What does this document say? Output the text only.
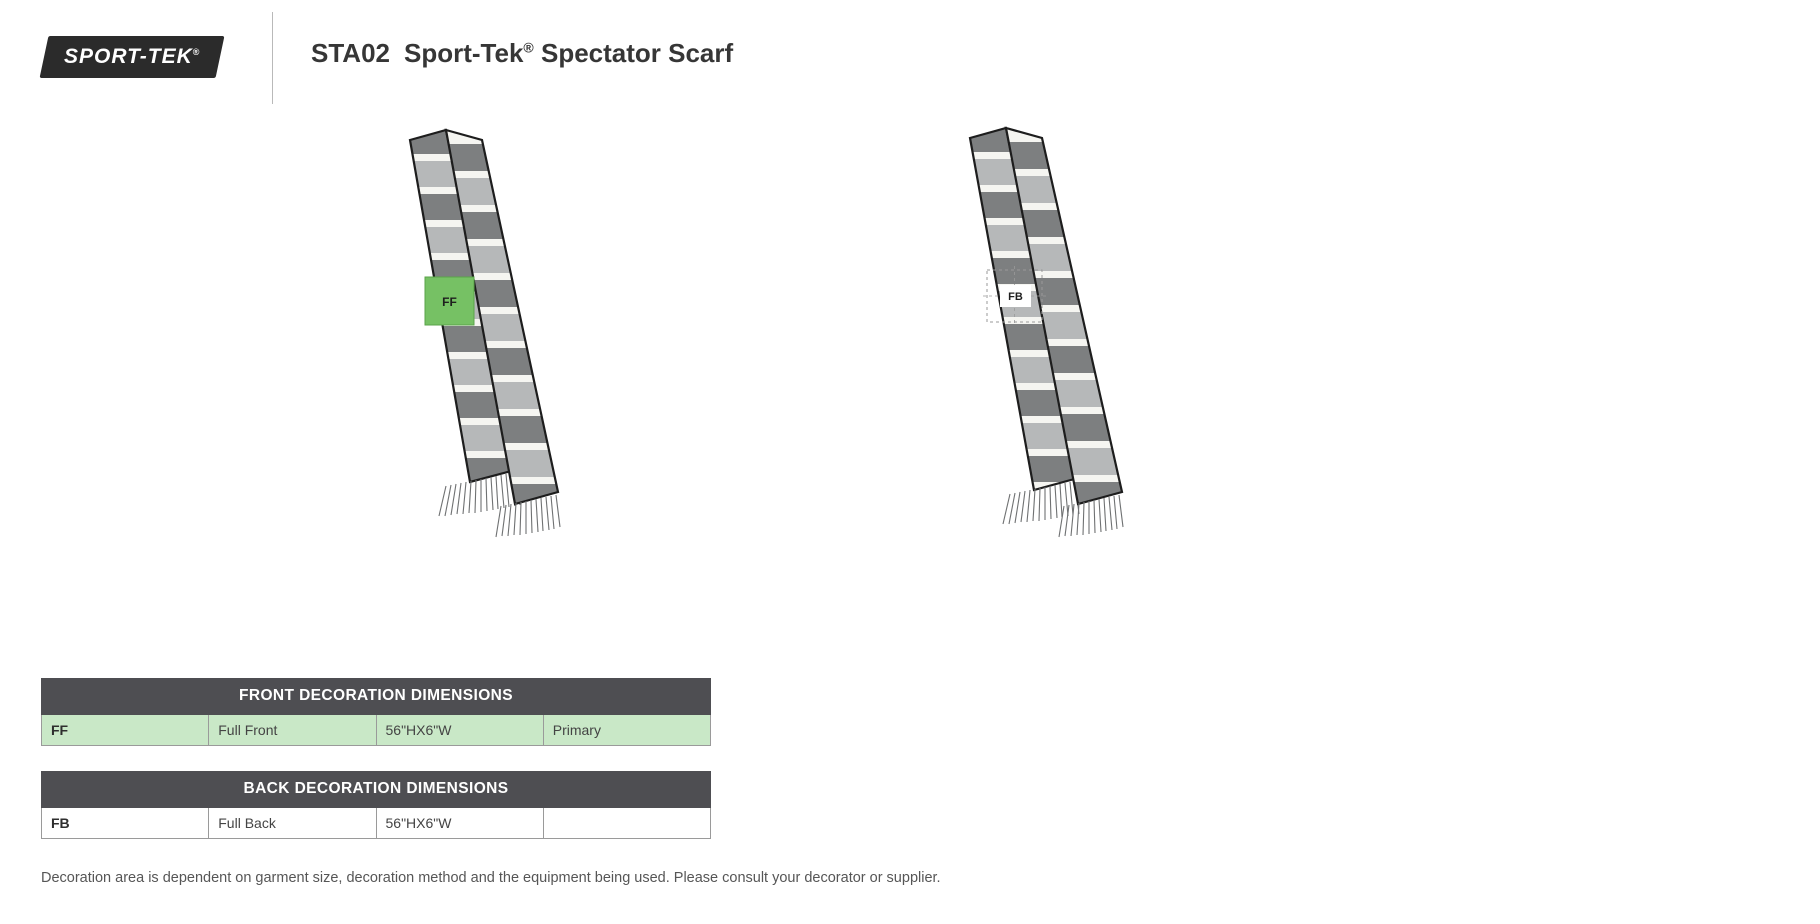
SPORT-TEK®	STA02 Sport-Tek® Spectator Scarf
FF	FB
FRONT DECORATION DIMENSIONS
FF	Full Front	56"HX6"W	Primary
BACK DECORATION DIMENSIONS
FB	Full Back	56"HX6"W	
Decoration area is dependent on garment size, decoration method and the equipment being used. Please consult your decorator or supplier.
